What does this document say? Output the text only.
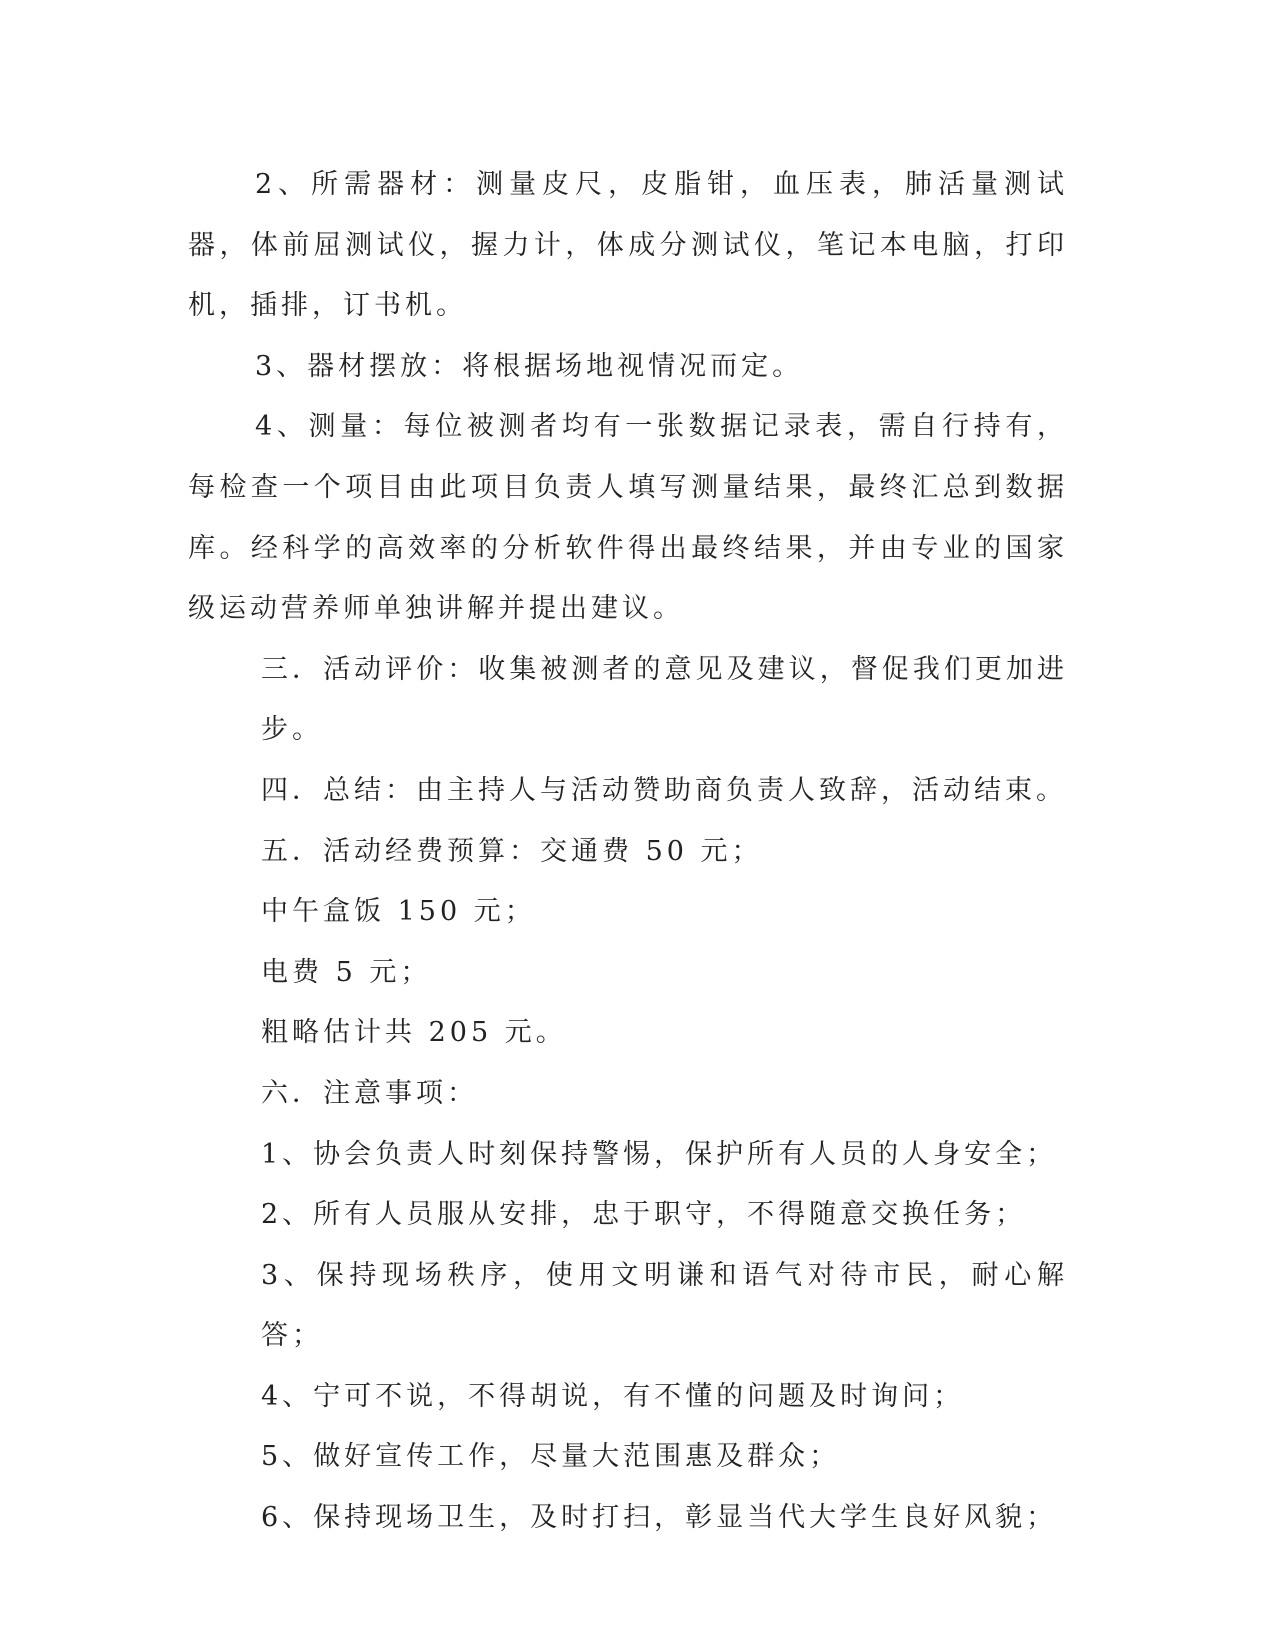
2、所需器材：测量皮尺，皮脂钳，血压表，肺活量测试器，体前屈测试仪，握力计，体成分测试仪，笔记本电脑，打印机，插排，订书机。

3、器材摆放：将根据场地视情况而定。

4、测量：每位被测者均有一张数据记录表，需自行持有，每检查一个项目由此项目负责人填写测量结果，最终汇总到数据库。经科学的高效率的分析软件得出最终结果，并由专业的国家级运动营养师单独讲解并提出建议。

三．活动评价：收集被测者的意见及建议，督促我们更加进步。

四．总结：由主持人与活动赞助商负责人致辞，活动结束。

五．活动经费预算：交通费 50 元；

中午盒饭 150 元；

电费 5 元；

粗略估计共 205 元。

六．注意事项：

1、协会负责人时刻保持警惕，保护所有人员的人身安全；

2、所有人员服从安排，忠于职守，不得随意交换任务；

3、保持现场秩序，使用文明谦和语气对待市民，耐心解答；

4、宁可不说，不得胡说，有不懂的问题及时询问；

5、做好宣传工作，尽量大范围惠及群众；

6、保持现场卫生，及时打扫，彰显当代大学生良好风貌；
